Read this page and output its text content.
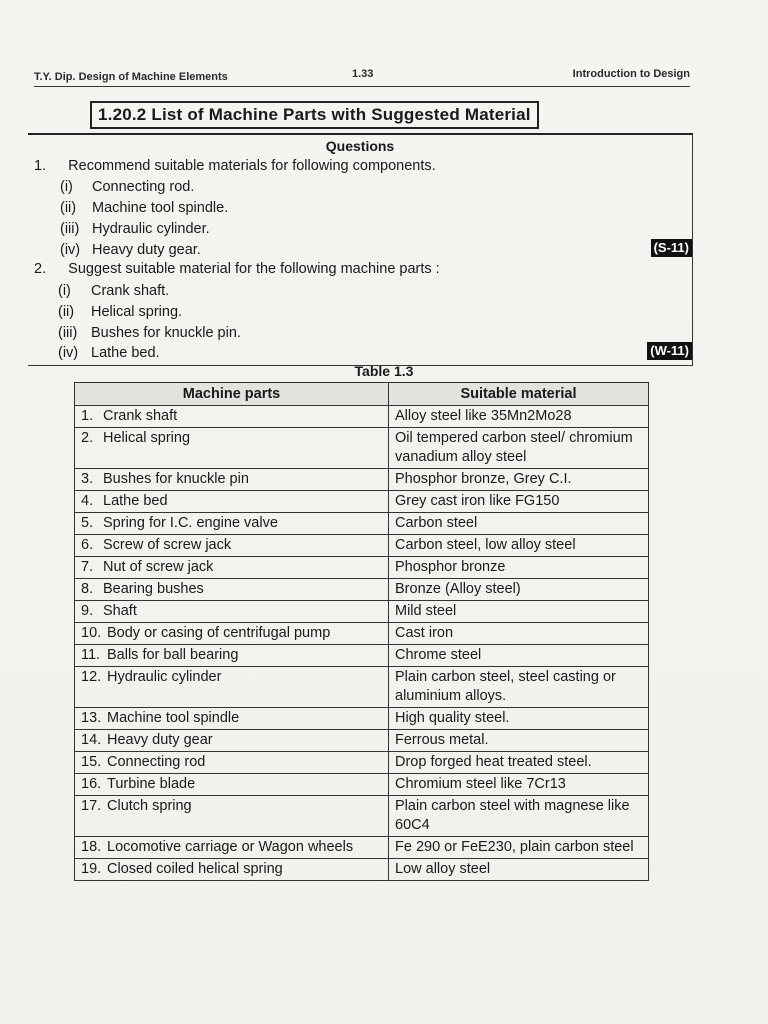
T.Y. Dip. Design of Machine Elements	1.33	Introduction to Design
1.20.2 List of Machine Parts with Suggested Material
Questions
1. Recommend suitable materials for following components.
(i) Connecting rod.
(ii) Machine tool spindle.
(iii) Hydraulic cylinder.
(iv) Heavy duty gear.	(S-11)
2. Suggest suitable material for the following machine parts :
(i) Crank shaft.
(ii) Helical spring.
(iii) Bushes for knuckle pin.
(iv) Lathe bed.	(W-11)
Table 1.3
Machine parts	Suitable material
1. Crank shaft	Alloy steel like 35Mn2Mo28
2. Helical spring	Oil tempered carbon steel/ chromium vanadium alloy steel
3. Bushes for knuckle pin	Phosphor bronze, Grey C.I.
4. Lathe bed	Grey cast iron like FG150
5. Spring for I.C. engine valve	Carbon steel
6. Screw of screw jack	Carbon steel, low alloy steel
7. Nut of screw jack	Phosphor bronze
8. Bearing bushes	Bronze (Alloy steel)
9. Shaft	Mild steel
10. Body or casing of centrifugal pump	Cast iron
11. Balls for ball bearing	Chrome steel
12. Hydraulic cylinder	Plain carbon steel, steel casting or aluminium alloys.
13. Machine tool spindle	High quality steel.
14. Heavy duty gear	Ferrous metal.
15. Connecting rod	Drop forged heat treated steel.
16. Turbine blade	Chromium steel like 7Cr13
17. Clutch spring	Plain carbon steel with magnese like 60C4
18. Locomotive carriage or Wagon wheels	Fe 290 or FeE230, plain carbon steel
19. Closed coiled helical spring	Low alloy steel
